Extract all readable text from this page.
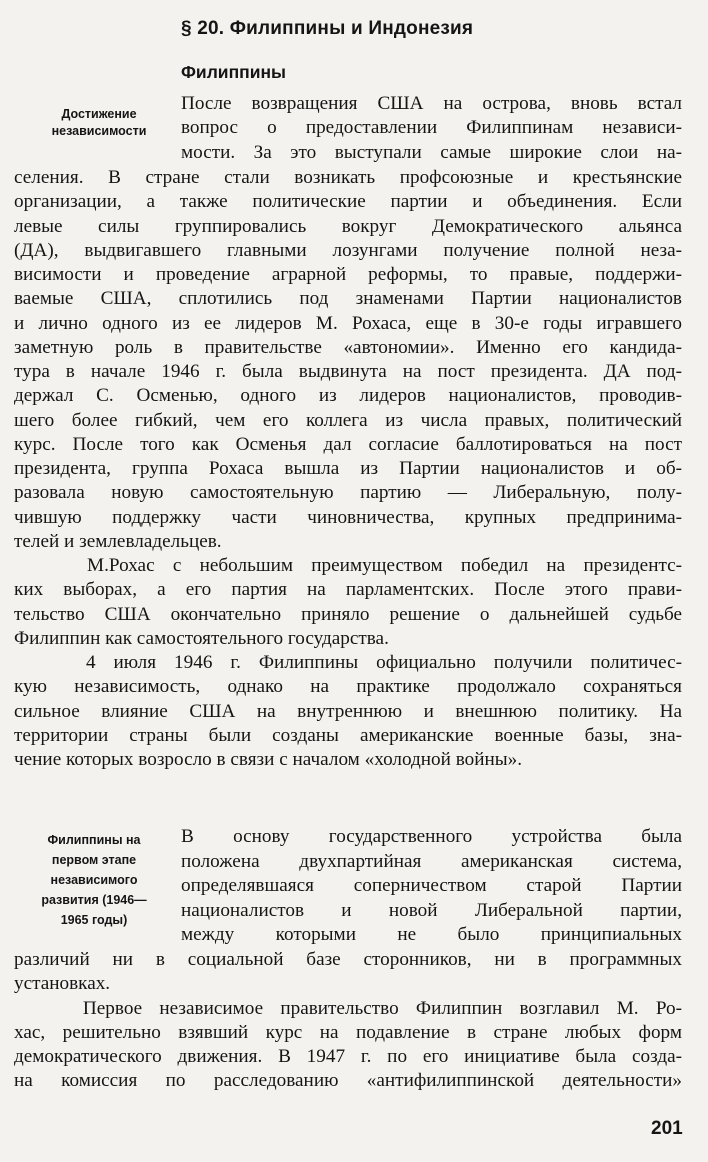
§ 20. Филиппины и Индонезия
Филиппины

Достижение
независимости

После возвращения США на острова, вновь встал
вопрос о предоставлении Филиппинам независи-
мости. За это выступали самые широкие слои на-

селения. В стране стали возникать профсоюзные и крестьянские
организации, а также политические партии и объединения. Если
левые силы группировались вокруг Демократического альянса
(ДА), выдвигавшего главными лозунгами получение полной неза-
висимости и проведение аграрной реформы, то правые, поддержи-
ваемые США, сплотились под знаменами Партии националистов
и лично одного из ее лидеров М. Рохаса, еще в 30-е годы игравшего
заметную роль в правительстве «автономии». Именно его кандида-
тура в начале 1946 г. была выдвинута на пост президента. ДА под-
держал С. Осменью, одного из лидеров националистов, проводив-
шего более гибкий, чем его коллега из числа правых, политический
курс. После того как Осменья дал согласие баллотироваться на пост
президента, группа Рохаса вышла из Партии националистов и об-
разовала новую самостоятельную партию — Либеральную, полу-
чившую поддержку части чиновничества, крупных предпринима-
телей и землевладельцев.
М.Рохас с небольшим преимуществом победил на президентс-
ких выборах, а его партия на парламентских. После этого прави-
тельство США окончательно приняло решение о дальнейшей судьбе
Филиппин как самостоятельного государства.
4 июля 1946 г. Филиппины официально получили политичес-
кую независимость, однако на практике продолжало сохраняться
сильное влияние США на внутреннюю и внешнюю политику. На
территории страны были созданы американские военные базы, зна-
чение которых возросло в связи с началом «холодной войны».

Филиппины на
первом этапе
независимого
развития (1946—
1965 годы)

В основу государственного устройства была
положена двухпартийная американская система,
определявшаяся соперничеством старой Партии
националистов и новой Либеральной партии,
между которыми не было принципиальных

различий ни в социальной базе сторонников, ни в программных
установках.
Первое независимое правительство Филиппин возглавил М. Ро-
хас, решительно взявший курс на подавление в стране любых форм
демократического движения. В 1947 г. по его инициативе была созда-
на комиссия по расследованию «антифилиппинской деятельности»

201
